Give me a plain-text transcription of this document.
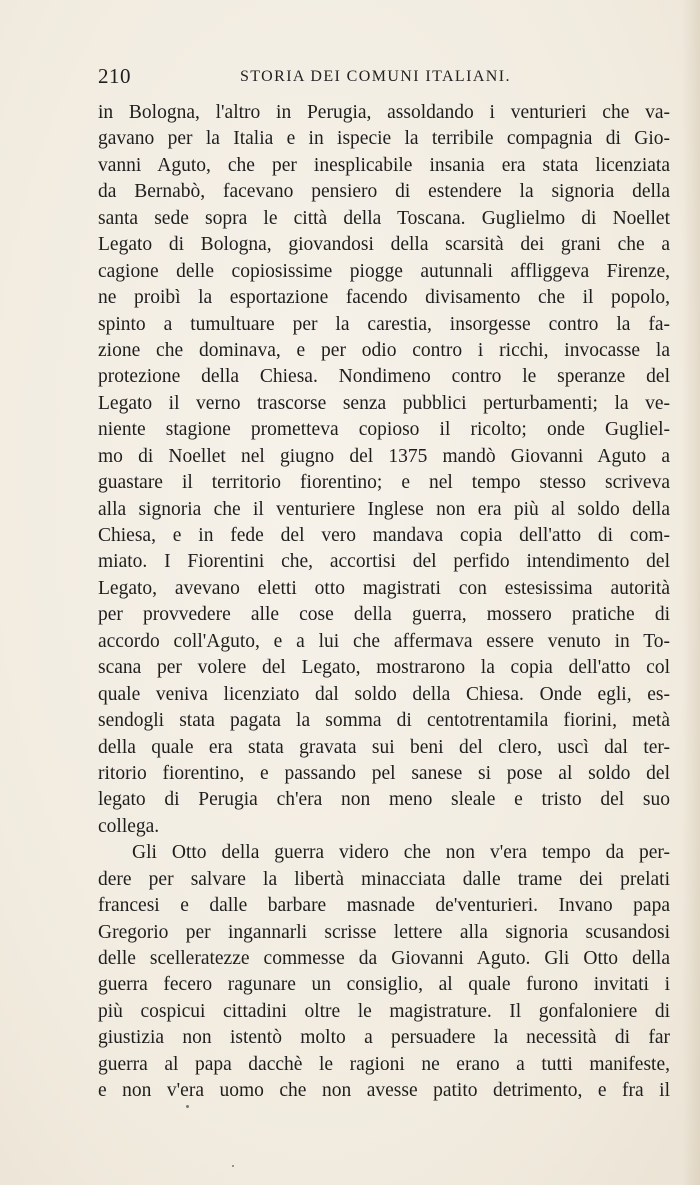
210	STORIA DEI COMUNI ITALIANI.
in Bologna, l'altro in Perugia, assoldando i venturieri che va-
gavano per la Italia e in ispecie la terribile compagnia di Gio-
vanni Aguto, che per inesplicabile insania era stata licenziata
da Bernabò, facevano pensiero di estendere la signoria della
santa sede sopra le città della Toscana. Guglielmo di Noellet
Legato di Bologna, giovandosi della scarsità dei grani che a
cagione delle copiosissime piogge autunnali affliggeva Firenze,
ne proibì la esportazione facendo divisamento che il popolo,
spinto a tumultuare per la carestia, insorgesse contro la fa-
zione che dominava, e per odio contro i ricchi, invocasse la
protezione della Chiesa. Nondimeno contro le speranze del
Legato il verno trascorse senza pubblici perturbamenti; la ve-
niente stagione prometteva copioso il ricolto; onde Gugliel-
mo di Noellet nel giugno del 1375 mandò Giovanni Aguto a
guastare il territorio fiorentino; e nel tempo stesso scriveva
alla signoria che il venturiere Inglese non era più al soldo della
Chiesa, e in fede del vero mandava copia dell'atto di com-
miato. I Fiorentini che, accortisi del perfido intendimento del
Legato, avevano eletti otto magistrati con estesissima autorità
per provvedere alle cose della guerra, mossero pratiche di
accordo coll'Aguto, e a lui che affermava essere venuto in To-
scana per volere del Legato, mostrarono la copia dell'atto col
quale veniva licenziato dal soldo della Chiesa. Onde egli, es-
sendogli stata pagata la somma di centotrentamila fiorini, metà
della quale era stata gravata sui beni del clero, uscì dal ter-
ritorio fiorentino, e passando pel sanese si pose al soldo del
legato di Perugia ch'era non meno sleale e tristo del suo
collega.
Gli Otto della guerra videro che non v'era tempo da per-
dere per salvare la libertà minacciata dalle trame dei prelati
francesi e dalle barbare masnade de'venturieri. Invano papa
Gregorio per ingannarli scrisse lettere alla signoria scusandosi
delle scelleratezze commesse da Giovanni Aguto. Gli Otto della
guerra fecero ragunare un consiglio, al quale furono invitati i
più cospicui cittadini oltre le magistrature. Il gonfaloniere di
giustizia non istentò molto a persuadere la necessità di far
guerra al papa dacchè le ragioni ne erano a tutti manifeste,
e non v'era uomo che non avesse patito detrimento, e fra il
